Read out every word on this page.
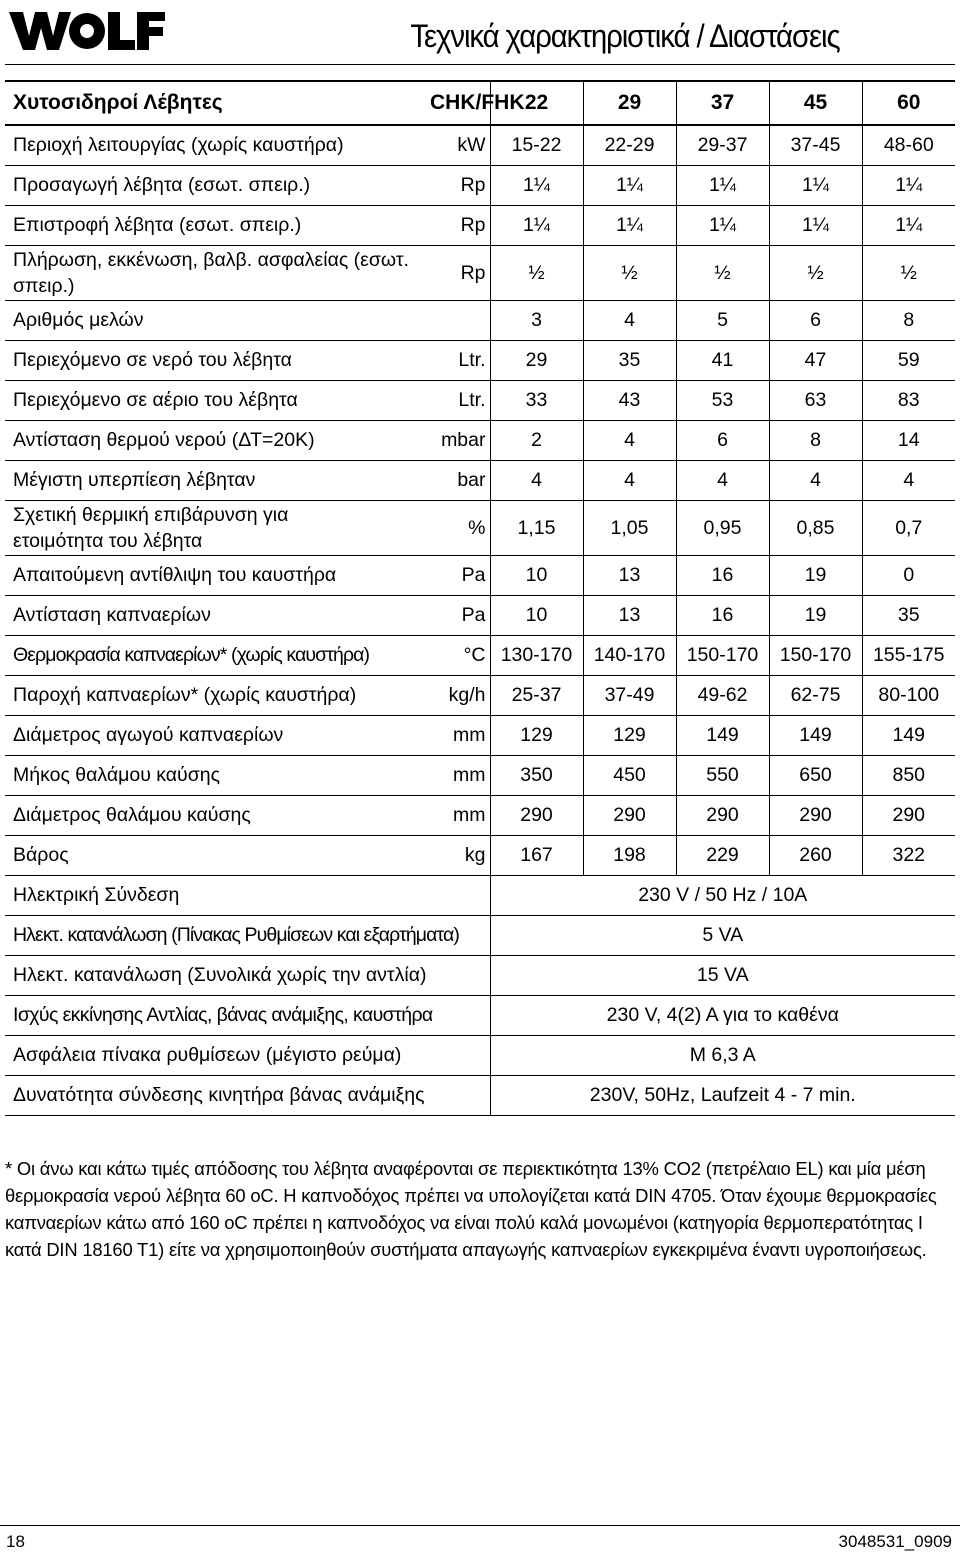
Τεχνικά χαρακτηριστικά / Διαστάσεις
Χυτοσιδηροί Λέβητες	CHK/FHK	22	29	37	45	60
Περιοχή λειτουργίας (χωρίς καυστήρα)	kW	15-22	22-29	29-37	37-45	48-60
Προσαγωγή λέβητα (εσωτ. σπειρ.)	Rp	1¼	1¼	1¼	1¼	1¼
Επιστροφή λέβητα (εσωτ. σπειρ.)	Rp	1¼	1¼	1¼	1¼	1¼

Πλήρωση, εκκένωση, βαλβ. ασφαλείας (εσωτ. σπειρ.)	Rp	½	½	½	½	½
Αριθμός μελών		3	4	5	6	8
Περιεχόμενο σε νερό του λέβητα	Ltr.	29	35	41	47	59
Περιεχόμενο σε αέριο του λέβητα	Ltr.	33	43	53	63	83
Αντίσταση θερμού νερού (ΔΤ=20Κ)	mbar	2	4	6	8	14
Μέγιστη υπερπίεση λέβηταν	bar	4	4	4	4	4

Σχετική θερμική επιβάρυνση για ετοιμότητα του λέβητα	%	1,15	1,05	0,95	0,85	0,7
Απαιτούμενη αντίθλιψη του καυστήρα	Pa	10	13	16	19	0
Αντίσταση καπναερίων	Pa	10	13	16	19	35
Θερμοκρασία καπναερίων* (χωρίς καυστήρα)	°C	130-170	140-170	150-170	150-170	155-175
Παροχή καπναερίων* (χωρίς καυστήρα)	kg/h	25-37	37-49	49-62	62-75	80-100
Διάμετρος αγωγού καπναερίων	mm	129	129	149	149	149
Μήκος θαλάμου καύσης	mm	350	450	550	650	850
Διάμετρος θαλάμου καύσης	mm	290	290	290	290	290
Βάρος	kg	167	198	229	260	322
Ηλεκτρική Σύνδεση		230 V / 50 Hz / 10A				
Ηλεκτ. κατανάλωση (Πίνακας Ρυθμίσεων και εξαρτήματα)		5 VA				
Ηλεκτ. κατανάλωση (Συνολικά χωρίς την αντλία)		15 VA				
Ισχύς εκκίνησης Αντλίας, βάνας ανάμιξης, καυστήρα		230 V, 4(2) A για το καθένα				
Ασφάλεια πίνακα ρυθμίσεων (μέγιστο ρεύμα)		M 6,3 A				
Δυνατότητα σύνδεσης κινητήρα βάνας ανάμιξης		230V, 50Hz, Laufzeit 4 - 7 min.				
* Οι άνω και κάτω τιμές απόδοσης του λέβητα αναφέρονται σε περιεκτικότητα 13% CO2 (πετρέλαιο EL) και μία μέση θερμοκρασία νερού λέβητα 60 oC. Η καπνοδόχος πρέπει να υπολογίζεται κατά DIN 4705. Όταν έχουμε θερμοκρασίες καπναερίων κάτω από 160 oC πρέπει η καπνοδόχος να είναι πολύ καλά μονωμένοι (κατηγορία θερμοπερατότητας I κατά DIN 18160 T1) είτε να χρησιμοποιηθούν συστήματα απαγωγής καπναερίων εγκεκριμένα έναντι υγροποιήσεως.
18	3048531_0909
